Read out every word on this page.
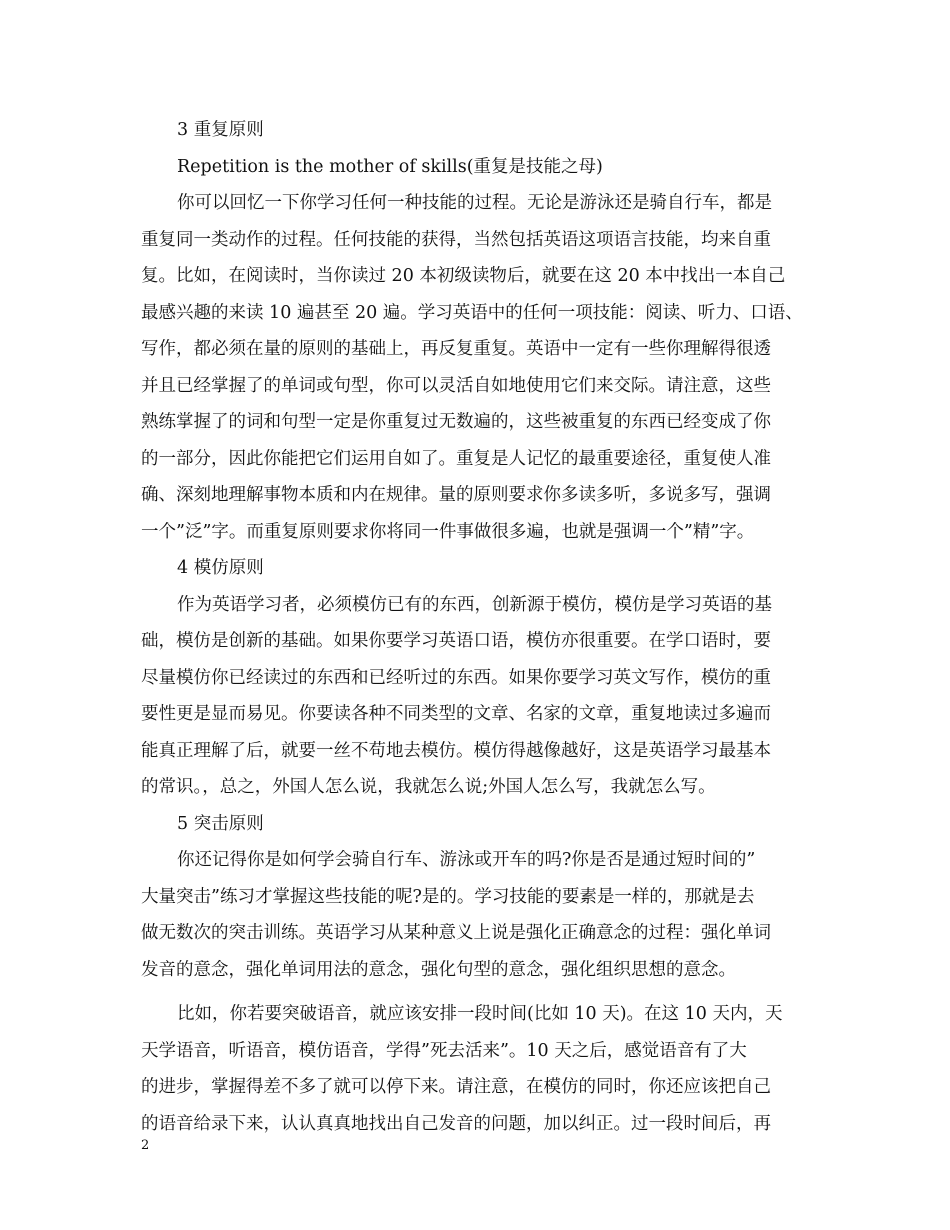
3 重复原则
Repetition is the mother of skills(重复是技能之母)
你可以回忆一下你学习任何一种技能的过程。无论是游泳还是骑自行车，都是
重复同一类动作的过程。任何技能的获得，当然包括英语这项语言技能，均来自重
复。比如，在阅读时，当你读过 20 本初级读物后，就要在这 20 本中找出一本自己
最感兴趣的来读 10 遍甚至 20 遍。学习英语中的任何一项技能：阅读、听力、口语、
写作，都必须在量的原则的基础上，再反复重复。英语中一定有一些你理解得很透
并且已经掌握了的单词或句型，你可以灵活自如地使用它们来交际。请注意，这些
熟练掌握了的词和句型一定是你重复过无数遍的，这些被重复的东西已经变成了你
的一部分，因此你能把它们运用自如了。重复是人记忆的最重要途径，重复使人准
确、深刻地理解事物本质和内在规律。量的原则要求你多读多听，多说多写，强调
一个”泛”字。而重复原则要求你将同一件事做很多遍，也就是强调一个”精”字。
4 模仿原则
作为英语学习者，必须模仿已有的东西，创新源于模仿，模仿是学习英语的基
础，模仿是创新的基础。如果你要学习英语口语，模仿亦很重要。在学口语时，要
尽量模仿你已经读过的东西和已经听过的东西。如果你要学习英文写作，模仿的重
要性更是显而易见。你要读各种不同类型的文章、名家的文章，重复地读过多遍而
能真正理解了后，就要一丝不苟地去模仿。模仿得越像越好，这是英语学习最基本
的常识。，总之，外国人怎么说，我就怎么说;外国人怎么写，我就怎么写。
5 突击原则
你还记得你是如何学会骑自行车、游泳或开车的吗?你是否是通过短时间的”
大量突击”练习才掌握这些技能的呢?是的。学习技能的要素是一样的，那就是去
做无数次的突击训练。英语学习从某种意义上说是强化正确意念的过程：强化单词
发音的意念，强化单词用法的意念，强化句型的意念，强化组织思想的意念。
比如，你若要突破语音，就应该安排一段时间(比如 10 天)。在这 10 天内，天
天学语音，听语音，模仿语音，学得”死去活来”。10 天之后，感觉语音有了大
的进步，掌握得差不多了就可以停下来。请注意，在模仿的同时，你还应该把自己
的语音给录下来，认认真真地找出自己发音的问题，加以纠正。过一段时间后，再
2
